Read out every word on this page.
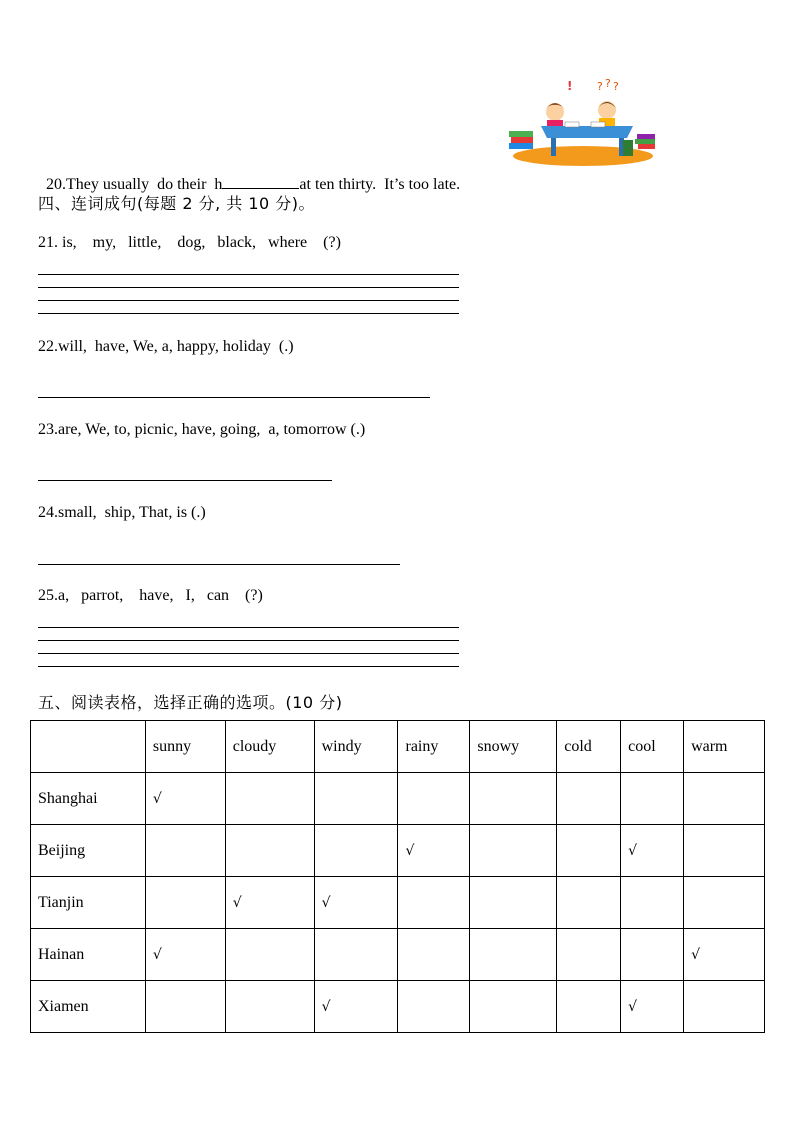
! ? ? ?

20.They usually  do their  h	at ten thirty.  It’s too late.

四、连词成句(每题 2 分, 共 10 分)。
21. is,    my,   little,    dog,   black,   where    (?)
22.will,  have, We, a, happy, holiday  (.)
23.are, We, to, picnic, have, going,  a, tomorrow (.)
24.small,  ship, That, is (.)
25.a,   parrot,    have,   I,   can    (?)
五、阅读表格，选择正确的选项。(10 分)
	sunny	cloudy	windy	rainy	snowy	cold	cool	warm
Shanghai	√							
Beijing				√			√	
Tianjin		√	√					
Hainan	√							√
Xiamen			√				√	
